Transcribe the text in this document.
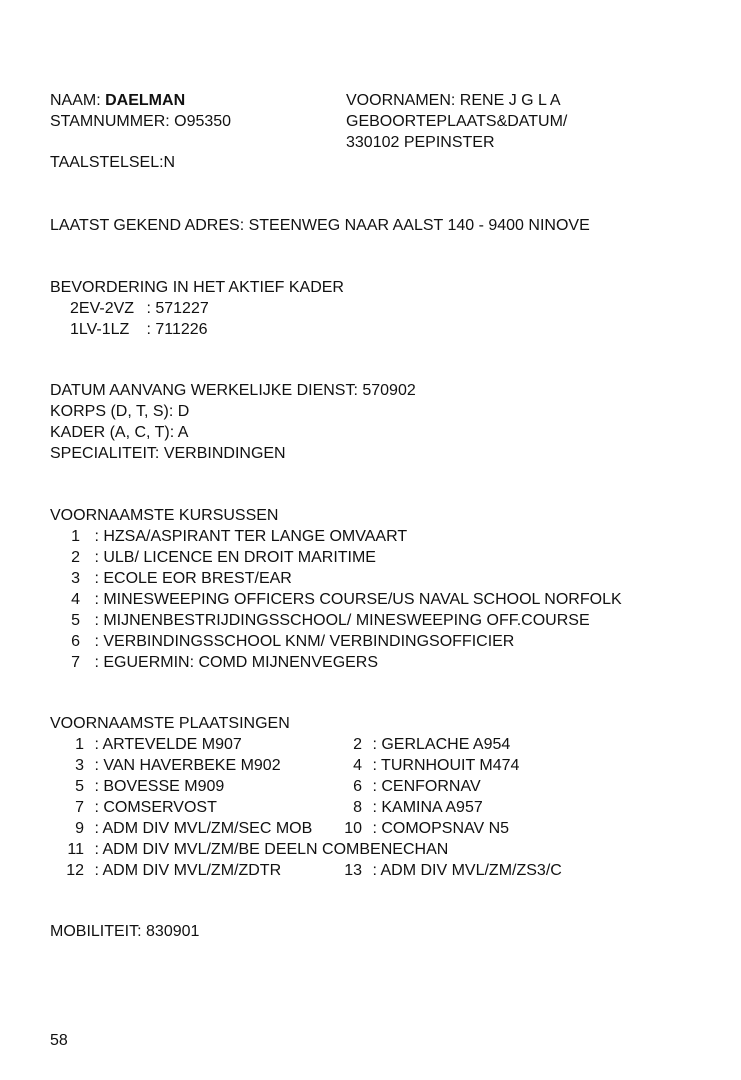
NAAM: DAELMAN
STAMNUMMER: O95350
TAALSTELSEL:N
VOORNAMEN: RENE J G L A
GEBOORTEPLAATS&DATUM/
330102 PEPINSTER
LAATST GEKEND ADRES: STEENWEG NAAR AALST 140 - 9400 NINOVE
BEVORDERING IN HET AKTIEF KADER
2EV-2VZ : 571227
1LV-1LZ : 711226
DATUM AANVANG WERKELIJKE DIENST: 570902
KORPS (D, T, S): D
KADER (A, C, T): A
SPECIALITEIT: VERBINDINGEN
VOORNAAMSTE KURSUSSEN
1 : HZSA/ASPIRANT TER LANGE OMVAART
2 : ULB/ LICENCE EN DROIT MARITIME
3 : ECOLE EOR BREST/EAR
4 : MINESWEEPING OFFICERS COURSE/US NAVAL SCHOOL NORFOLK
5 : MIJNENBESTRIJDINGSSCHOOL/ MINESWEEPING OFF.COURSE
6 : VERBINDINGSSCHOOL KNM/ VERBINDINGSOFFICIER
7 : EGUERMIN: COMD MIJNENVEGERS
VOORNAAMSTE PLAATSINGEN
1 : ARTEVELDE M907	2 : GERLACHE A954
3 : VAN HAVERBEKE M902	4 : TURNHOUIT M474
5 : BOVESSE M909	6 : CENFORNAV
7 : COMSERVOST	8 : KAMINA A957
9 : ADM DIV MVL/ZM/SEC MOB	10 : COMOPSNAV N5
11 : ADM DIV MVL/ZM/BE DEELN COMBENECHAN
12 : ADM DIV MVL/ZM/ZDTR	13 : ADM DIV MVL/ZM/ZS3/C
MOBILITEIT: 830901
58
